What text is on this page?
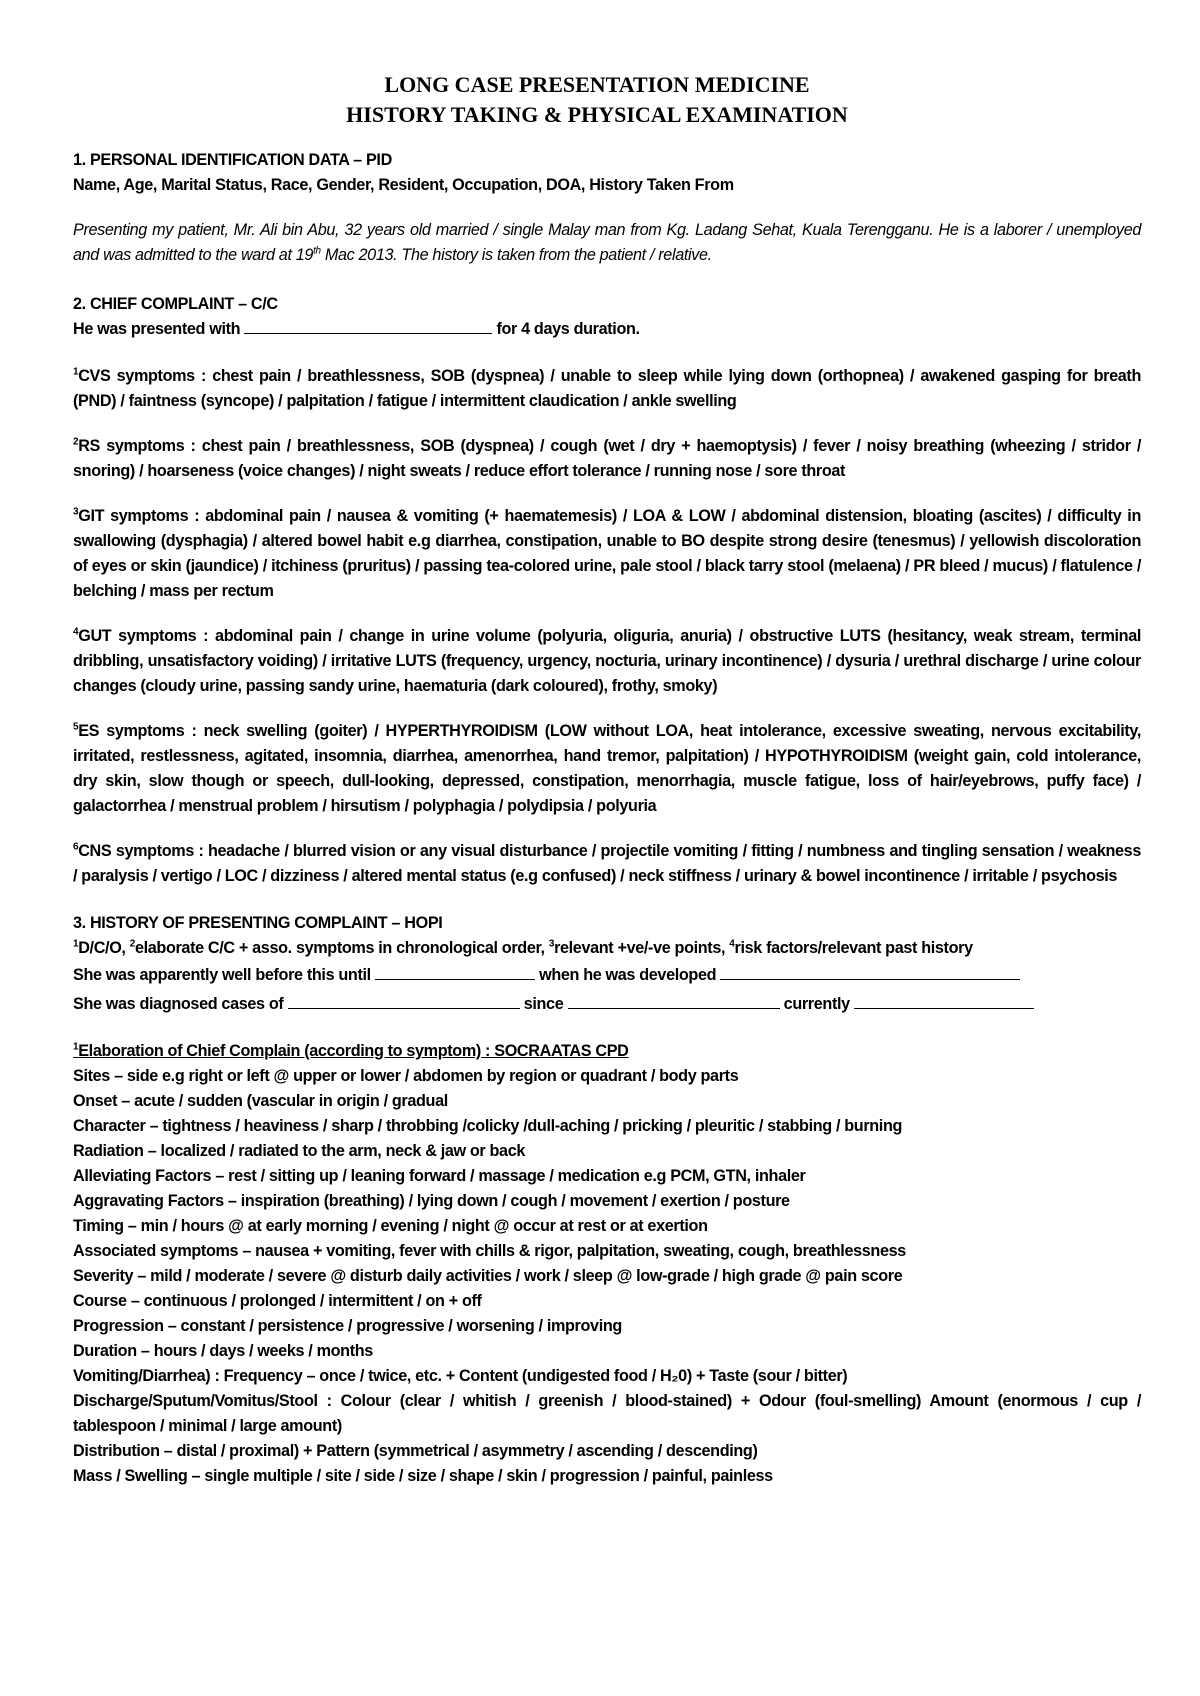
LONG CASE PRESENTATION MEDICINE
HISTORY TAKING & PHYSICAL EXAMINATION

1. PERSONAL IDENTIFICATION DATA – PID

Name, Age, Marital Status, Race, Gender, Resident, Occupation, DOA, History Taken From

Presenting my patient, Mr. Ali bin Abu, 32 years old married / single Malay man from Kg. Ladang Sehat, Kuala Terengganu. He is a laborer / unemployed and was admitted to the ward at 19th Mac 2013. The history is taken from the patient / relative.

2. CHIEF COMPLAINT – C/C

He was presented with	for 4 days duration.

$^1$CVS symptoms : chest pain / breathlessness, SOB (dyspnea) / unable to sleep while lying down (orthopnea) / awakened gasping for breath (PND) / faintness (syncope) / palpitation / fatigue / intermittent claudication / ankle swelling

$^2$RS symptoms : chest pain / breathlessness, SOB (dyspnea) / cough (wet / dry + haemoptysis) / fever / noisy breathing (wheezing / stridor / snoring) / hoarseness (voice changes) / night sweats / reduce effort tolerance / running nose / sore throat

$^3$GIT symptoms : abdominal pain / nausea & vomiting (+ haematemesis) / LOA & LOW / abdominal distension, bloating (ascites) / difficulty in swallowing (dysphagia) / altered bowel habit e.g diarrhea, constipation, unable to BO despite strong desire (tenesmus) / yellowish discoloration of eyes or skin (jaundice) / itchiness (pruritus) / passing tea-colored urine, pale stool / black tarry stool (melaena) / PR bleed / mucus) / flatulence / belching / mass per rectum

$^4$GUT symptoms : abdominal pain / change in urine volume (polyuria, oliguria, anuria) / obstructive LUTS (hesitancy, weak stream, terminal dribbling, unsatisfactory voiding) / irritative LUTS (frequency, urgency, nocturia, urinary incontinence) / dysuria / urethral discharge / urine colour changes (cloudy urine, passing sandy urine, haematuria (dark coloured), frothy, smoky)

$^5$ES symptoms : neck swelling (goiter) / HYPERTHYROIDISM (LOW without LOA, heat intolerance, excessive sweating, nervous excitability, irritated, restlessness, agitated, insomnia, diarrhea, amenorrhea, hand tremor, palpitation) / HYPOTHYROIDISM (weight gain, cold intolerance, dry skin, slow though or speech, dull-looking, depressed, constipation, menorrhagia, muscle fatigue, loss of hair/eyebrows, puffy face) / galactorrhea / menstrual problem / hirsutism / polyphagia / polydipsia / polyuria

$^6$CNS symptoms : headache / blurred vision or any visual disturbance / projectile vomiting / fitting / numbness and tingling sensation / weakness / paralysis / vertigo / LOC / dizziness / altered mental status (e.g confused) / neck stiffness / urinary & bowel incontinence / irritable / psychosis

3. HISTORY OF PRESENTING COMPLAINT – HOPI

$^1$D/C/O, $^2$elaborate C/C + asso. symptoms in chronological order, $^3$relevant +ve/-ve points, $^4$risk factors/relevant past history

She was apparently well before this until	when he was developed

She was diagnosed cases of	since	currently

$^1$Elaboration of Chief Complain (according to symptom) : SOCRAATAS CPD

Sites – side e.g right or left @ upper or lower / abdomen by region or quadrant / body parts

Onset – acute / sudden (vascular in origin / gradual

Character – tightness / heaviness / sharp / throbbing /colicky /dull-aching / pricking / pleuritic / stabbing / burning

Radiation – localized / radiated to the arm, neck & jaw or back

Alleviating Factors – rest / sitting up / leaning forward / massage / medication e.g PCM, GTN, inhaler

Aggravating Factors – inspiration (breathing) / lying down / cough / movement / exertion / posture

Timing – min / hours @ at early morning / evening / night @ occur at rest or at exertion

Associated symptoms – nausea + vomiting, fever with chills & rigor, palpitation, sweating, cough, breathlessness

Severity – mild / moderate / severe @ disturb daily activities / work / sleep @ low-grade / high grade @ pain score

Course – continuous / prolonged / intermittent / on + off

Progression – constant / persistence / progressive / worsening / improving

Duration – hours / days / weeks / months

Vomiting/Diarrhea) : Frequency – once / twice, etc. + Content (undigested food / H₂0) + Taste (sour / bitter)

Discharge/Sputum/Vomitus/Stool : Colour (clear / whitish / greenish / blood-stained) + Odour (foul-smelling) Amount (enormous / cup / tablespoon / minimal / large amount)

Distribution – distal / proximal) + Pattern (symmetrical / asymmetry / ascending / descending)

Mass / Swelling – single multiple / site / side / size / shape / skin / progression / painful, painless
